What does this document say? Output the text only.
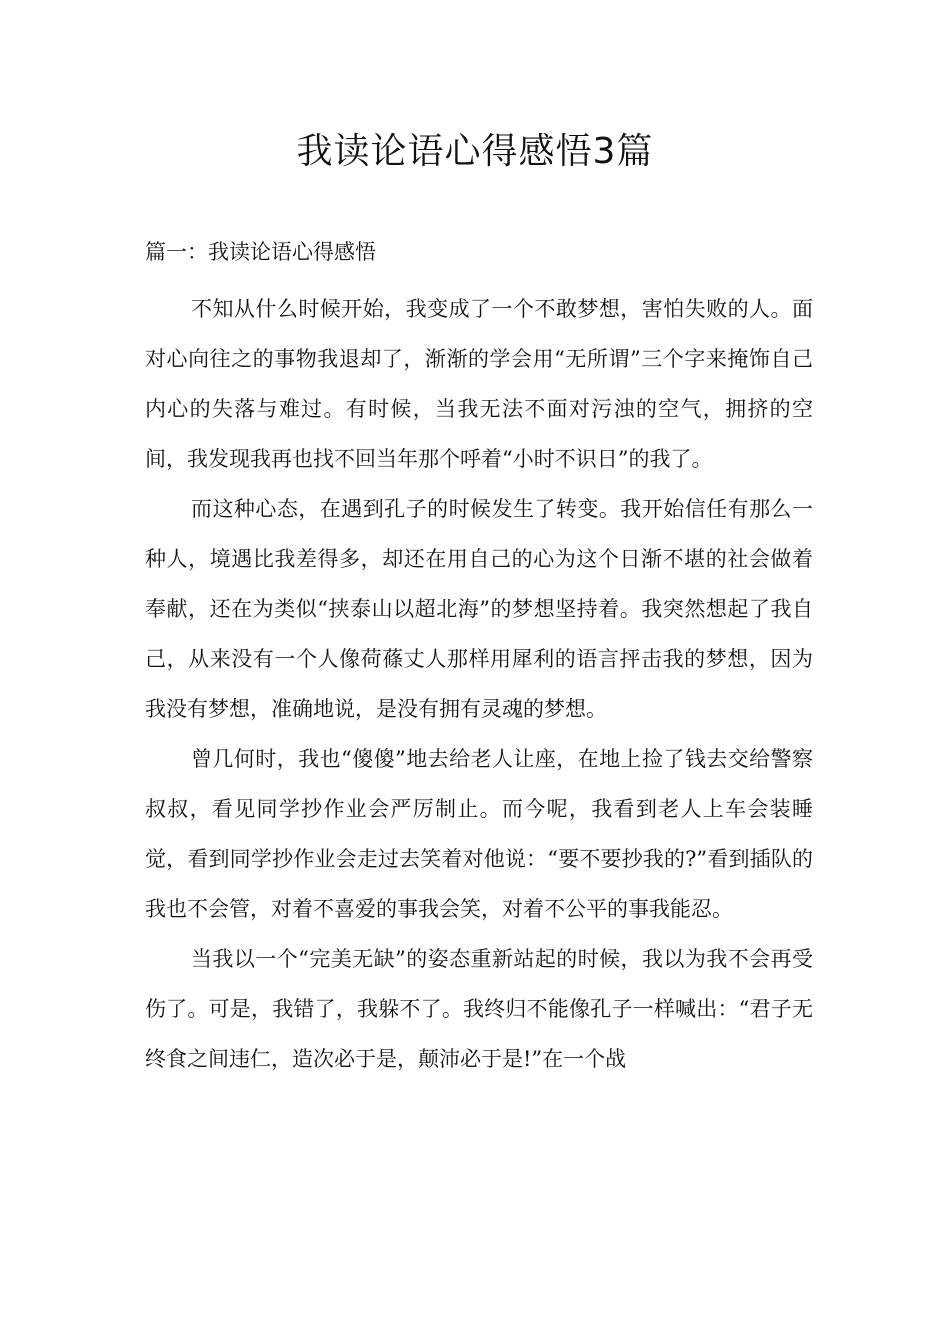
我读论语心得感悟3篇
篇一：我读论语心得感悟

不知从什么时候开始，我变成了一个不敢梦想，害怕失败的人。面对心向往之的事物我退却了，渐渐的学会用“无所谓”三个字来掩饰自己内心的失落与难过。有时候，当我无法不面对污浊的空气，拥挤的空间，我发现我再也找不回当年那个呼着“小时不识日”的我了。

而这种心态，在遇到孔子的时候发生了转变。我开始信任有那么一种人，境遇比我差得多，却还在用自己的心为这个日渐不堪的社会做着奉献，还在为类似“挟泰山以超北海”的梦想坚持着。我突然想起了我自己，从来没有一个人像荷蓧丈人那样用犀利的语言抨击我的梦想，因为我没有梦想，准确地说，是没有拥有灵魂的梦想。

曾几何时，我也“傻傻”地去给老人让座，在地上捡了钱去交给警察叔叔，看见同学抄作业会严厉制止。而今呢，我看到老人上车会装睡觉，看到同学抄作业会走过去笑着对他说：“要不要抄我的?”看到插队的我也不会管，对着不喜爱的事我会笑，对着不公平的事我能忍。

当我以一个“完美无缺”的姿态重新站起的时候，我以为我不会再受伤了。可是，我错了，我躲不了。我终归不能像孔子一样喊出：“君子无终食之间违仁，造次必于是，颠沛必于是!”在一个战
